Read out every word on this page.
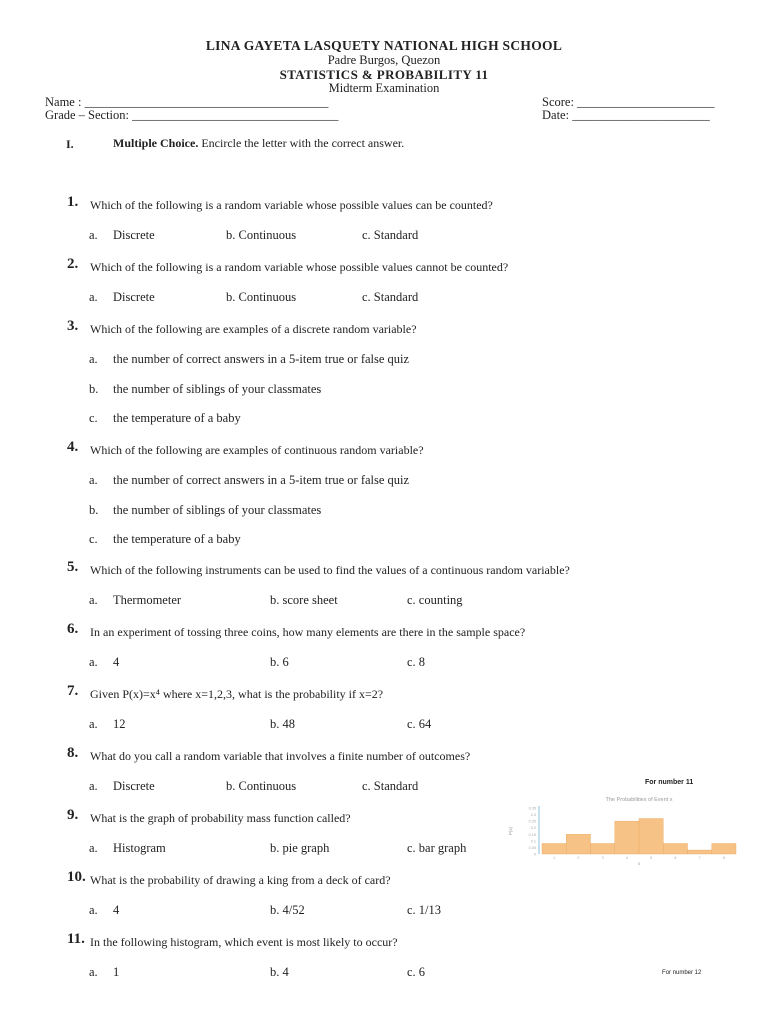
LINA GAYETA LASQUETY NATIONAL HIGH SCHOOL
Padre Burgos, Quezon
STATISTICS & PROBABILITY 11
Midterm Examination
Name : _______________________________________
Grade – Section: _________________________________
Score: ______________________
Date: ______________________
I.	Multiple Choice. Encircle the letter with the correct answer.
1. Which of the following is a random variable whose possible values can be counted?
a. Discrete	b. Continuous	c. Standard
2. Which of the following is a random variable whose possible values cannot be counted?
a. Discrete	b. Continuous	c. Standard
3. Which of the following are examples of a discrete random variable?
a. the number of correct answers in a 5-item true or false quiz
b. the number of siblings of your classmates
c. the temperature of a baby
4. Which of the following are examples of continuous random variable?
a. the number of correct answers in a 5-item true or false quiz
b. the number of siblings of your classmates
c. the temperature of a baby
5. Which of the following instruments can be used to find the values of a continuous random variable?
a. Thermometer	b. score sheet	c. counting
6. In an experiment of tossing three coins, how many elements are there in the sample space?
a. 4	b. 6	c. 8
7. Given P(x)=x⁴ where x=1,2,3, what is the probability if x=2?
a. 12	b. 48	c. 64
8. What do you call a random variable that involves a finite number of outcomes?
a. Discrete	b. Continuous	c. Standard
9. What is the graph of probability mass function called?
a. Histogram	b. pie graph	c. bar graph
10. What is the probability of drawing a king from a deck of card?
a. 4	b. 4/52	c. 1/13
11. In the following histogram, which event is most likely to occur?
a. 1	b. 4	c. 6
For number 11
The Probabilities of Event x
P(x)
x
0.35
0.3
0.25
0.2
0.15
0.1
0.05
0
1	2	3	4	5	6	7	8
For number 12
